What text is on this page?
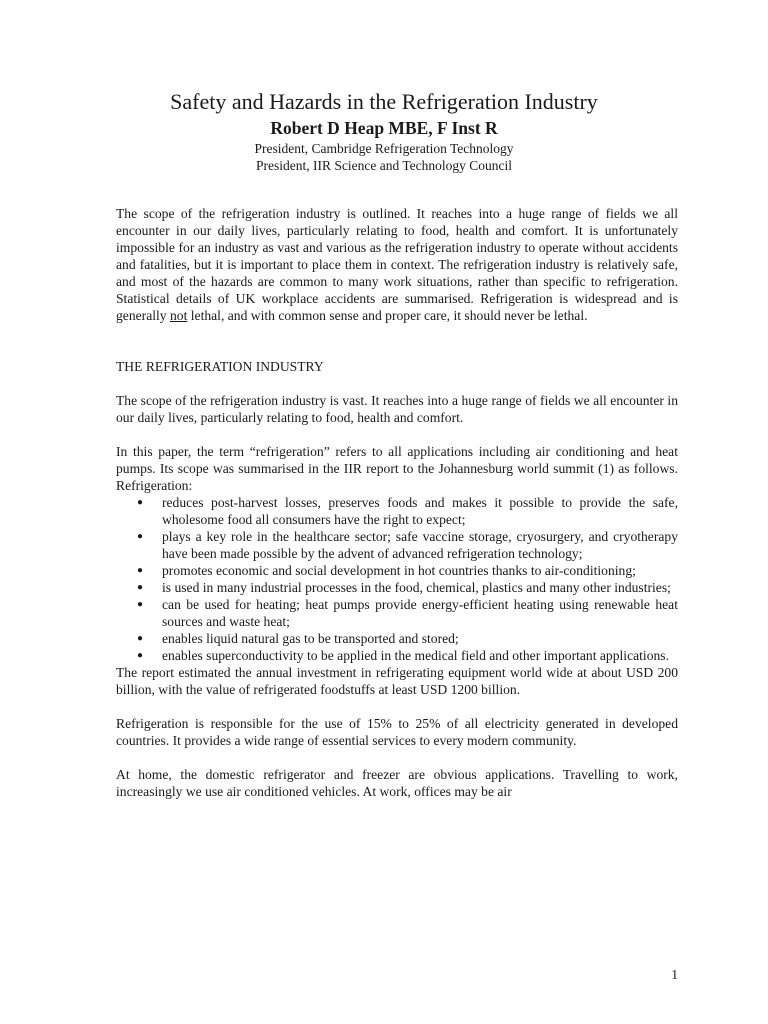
Safety and Hazards in the Refrigeration Industry
Robert D Heap MBE, F Inst R
President, Cambridge Refrigeration Technology
President, IIR Science and Technology Council

The scope of the refrigeration industry is outlined. It reaches into a huge range of fields we all encounter in our daily lives, particularly relating to food, health and comfort. It is unfortunately impossible for an industry as vast and various as the refrigeration industry to operate without accidents and fatalities, but it is important to place them in context. The refrigeration industry is relatively safe, and most of the hazards are common to many work situations, rather than specific to refrigeration. Statistical details of UK workplace accidents are summarised. Refrigeration is widespread and is generally not lethal, and with common sense and proper care, it should never be lethal.

THE REFRIGERATION INDUSTRY

The scope of the refrigeration industry is vast. It reaches into a huge range of fields we all encounter in our daily lives, particularly relating to food, health and comfort.

In this paper, the term “refrigeration” refers to all applications including air conditioning and heat pumps. Its scope was summarised in the IIR report to the Johannesburg world summit (1) as follows. Refrigeration:

● reduces post-harvest losses, preserves foods and makes it possible to provide the safe, wholesome food all consumers have the right to expect;
● plays a key role in the healthcare sector; safe vaccine storage, cryosurgery, and cryotherapy have been made possible by the advent of advanced refrigeration technology;
● promotes economic and social development in hot countries thanks to air-conditioning;
● is used in many industrial processes in the food, chemical, plastics and many other industries;
● can be used for heating; heat pumps provide energy-efficient heating using renewable heat sources and waste heat;
● enables liquid natural gas to be transported and stored;
● enables superconductivity to be applied in the medical field and other important applications.

The report estimated the annual investment in refrigerating equipment world wide at about USD 200 billion, with the value of refrigerated foodstuffs at least USD 1200 billion.

Refrigeration is responsible for the use of 15% to 25% of all electricity generated in developed countries. It provides a wide range of essential services to every modern community.

At home, the domestic refrigerator and freezer are obvious applications. Travelling to work, increasingly we use air conditioned vehicles. At work, offices may be air

1
